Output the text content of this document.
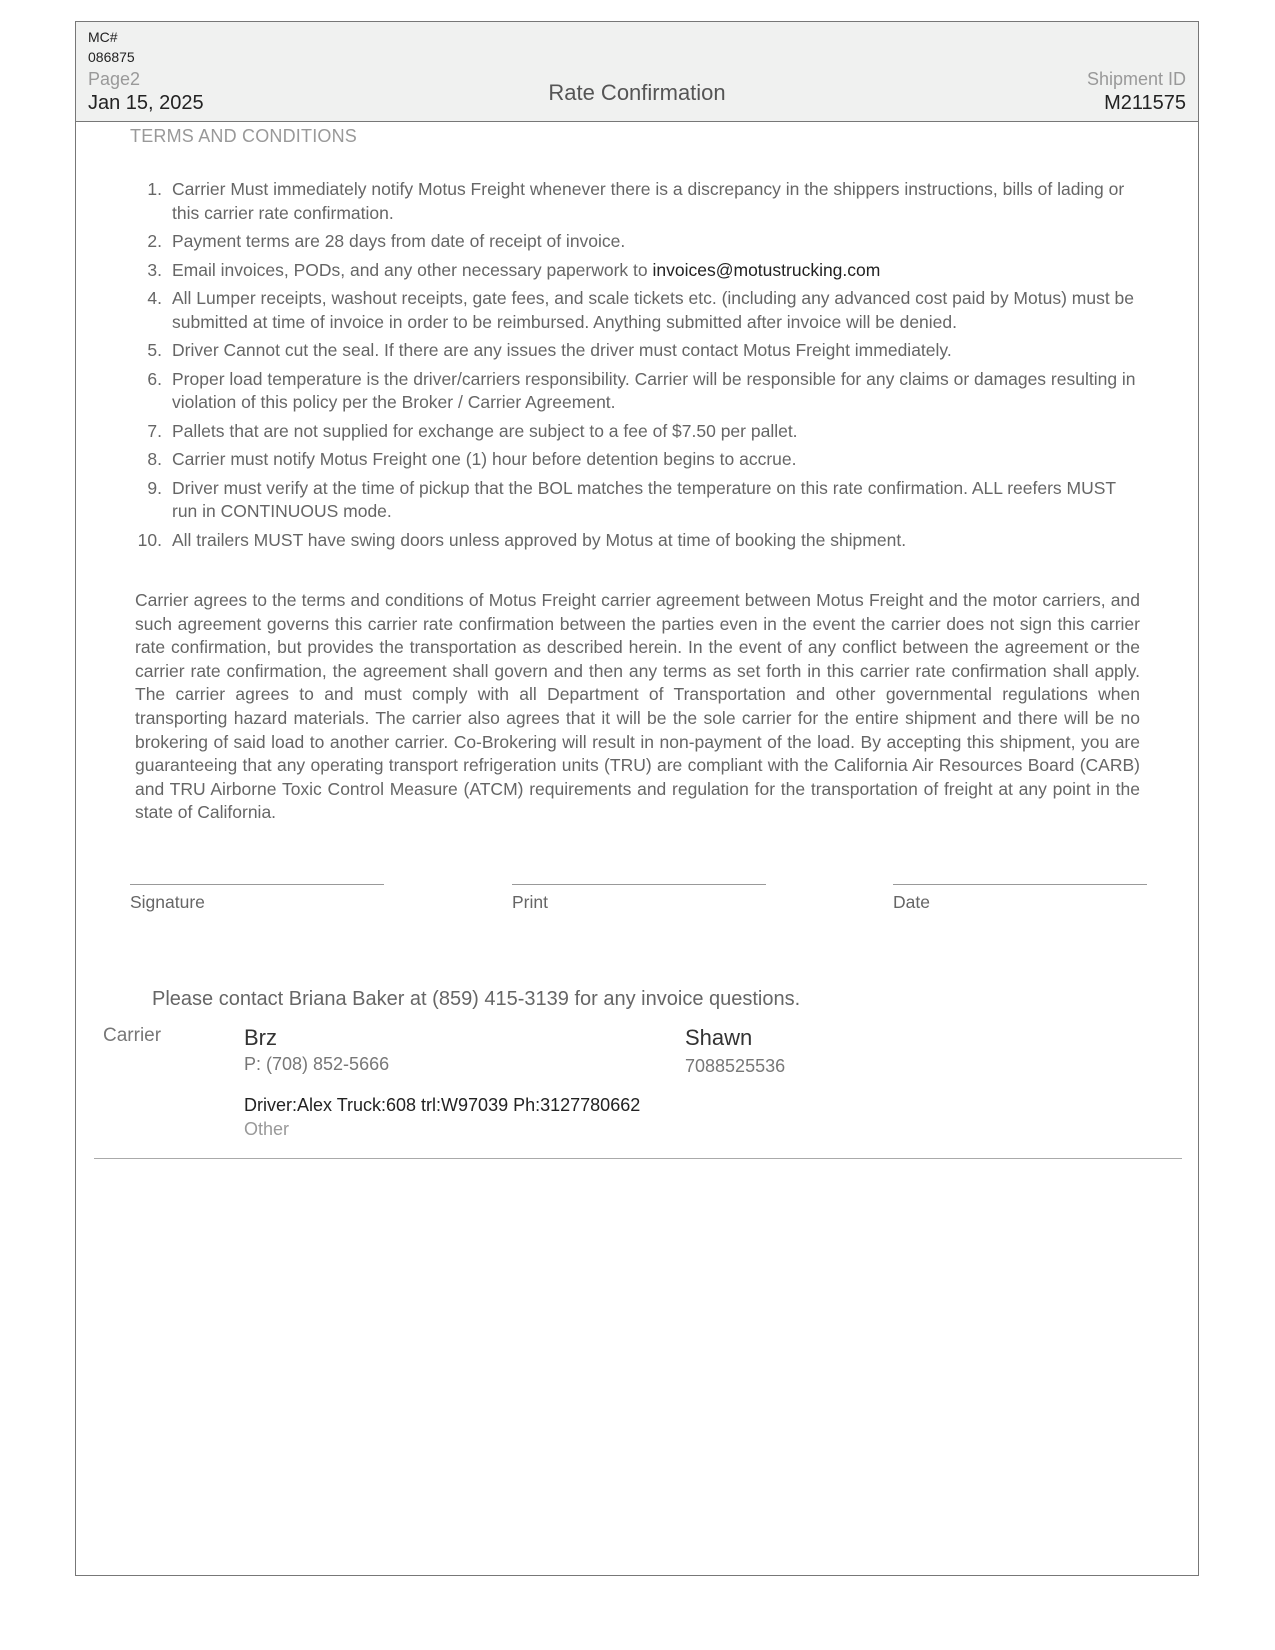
MC#
086875
Page2
Jan 15, 2025	Rate Confirmation
Shipment ID
M211575
TERMS AND CONDITIONS
1. Carrier Must immediately notify Motus Freight whenever there is a discrepancy in the shippers instructions, bills of lading or this carrier rate confirmation.
2. Payment terms are 28 days from date of receipt of invoice.
3. Email invoices, PODs, and any other necessary paperwork to invoices@motustrucking.com
4. All Lumper receipts, washout receipts, gate fees, and scale tickets etc. (including any advanced cost paid by Motus) must be submitted at time of invoice in order to be reimbursed. Anything submitted after invoice will be denied.
5. Driver Cannot cut the seal. If there are any issues the driver must contact Motus Freight immediately.
6. Proper load temperature is the driver/carriers responsibility. Carrier will be responsible for any claims or damages resulting in violation of this policy per the Broker / Carrier Agreement.
7. Pallets that are not supplied for exchange are subject to a fee of $7.50 per pallet.
8. Carrier must notify Motus Freight one (1) hour before detention begins to accrue.
9. Driver must verify at the time of pickup that the BOL matches the temperature on this rate confirmation. ALL reefers MUST run in CONTINUOUS mode.
10. All trailers MUST have swing doors unless approved by Motus at time of booking the shipment.

Carrier agrees to the terms and conditions of Motus Freight carrier agreement between Motus Freight and the motor carriers, and such agreement governs this carrier rate confirmation between the parties even in the event the carrier does not sign this carrier rate confirmation, but provides the transportation as described herein. In the event of any conflict between the agreement or the carrier rate confirmation, the agreement shall govern and then any terms as set forth in this carrier rate confirmation shall apply. The carrier agrees to and must comply with all Department of Transportation and other governmental regulations when transporting hazard materials. The carrier also agrees that it will be the sole carrier for the entire shipment and there will be no brokering of said load to another carrier. Co-Brokering will result in non-payment of the load. By accepting this shipment, you are guaranteeing that any operating transport refrigeration units (TRU) are compliant with the California Air Resources Board (CARB) and TRU Airborne Toxic Control Measure (ATCM) requirements and regulation for the transportation of freight at any point in the state of California.

Signature	Print	Date
Please contact Briana Baker at (859) 415-3139 for any invoice questions.
Carrier	Brz
P: (708) 852-5666
Shawn
7088525536
Driver:Alex Truck:608 trl:W97039 Ph:3127780662
Other
